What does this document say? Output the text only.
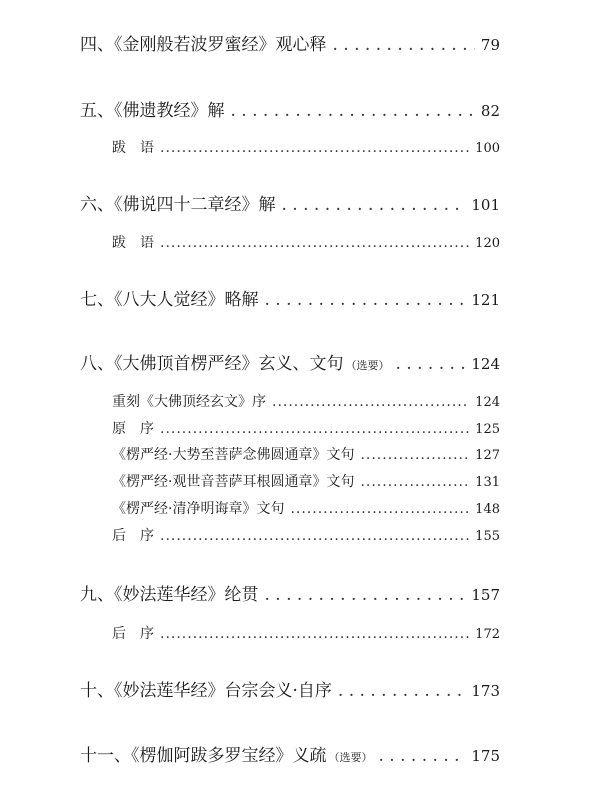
四、《金刚般若波罗蜜经》观心释 . . .	79
五、《佛遗教经》解 . . .	82
跋　语 .....	100
六、《佛说四十二章经》解 . . .	101
跋　语 .....	120
七、《八大人觉经》略解 . . .	121
八、《大佛顶首楞严经》玄义、文句 （选要） . . .	124
重刻《大佛顶经玄文》序 .....	124
原　序 .....	125
《楞严经·大势至菩萨念佛圆通章》文句 .....	127
《楞严经·观世音菩萨耳根圆通章》文句 .....	131
《楞严经·清净明诲章》文句 .....	148
后　序 .....	155
九、《妙法莲华经》纶贯 . . .	157
后　序 .....	172
十、《妙法莲华经》台宗会义·自序 . . .	173
十一、《楞伽阿跋多罗宝经》义疏 （选要） . . .	175
